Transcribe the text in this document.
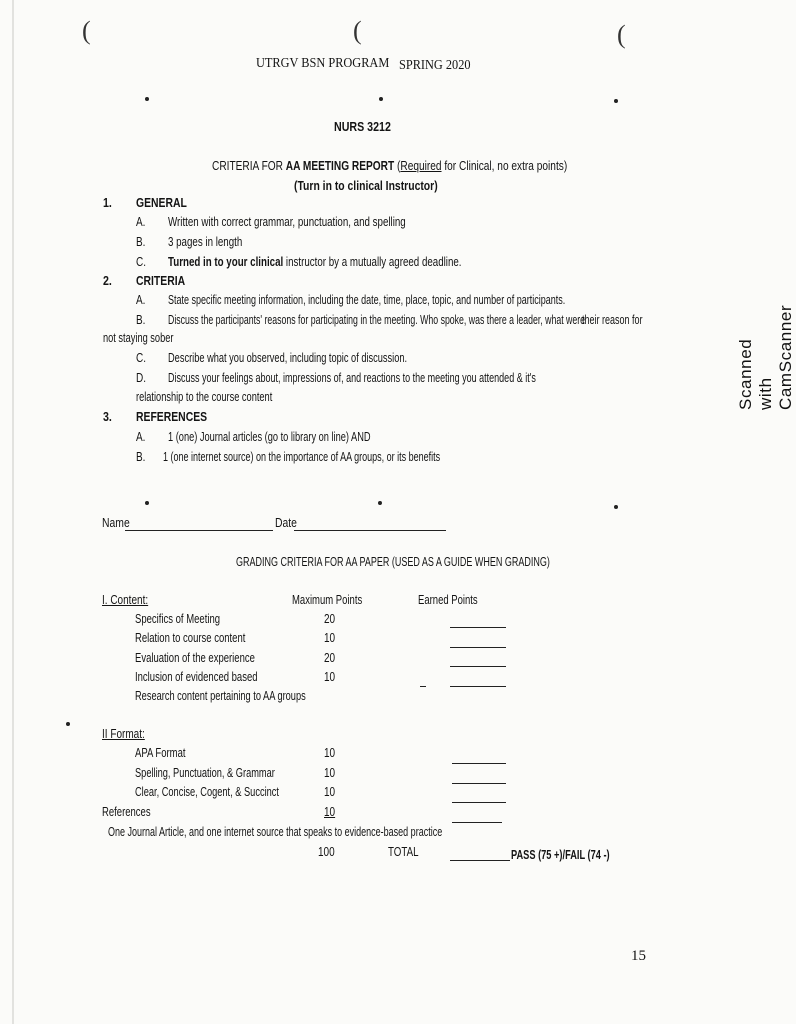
(	(	(
UTRGV BSN PROGRAM SPRING 2020
NURS 3212
CRITERIA FOR AA MEETING REPORT (Required for Clinical, no extra points)
(Turn in to clinical Instructor)
1. GENERAL
A. Written with correct grammar, punctuation, and spelling
B. 3 pages in length
C. Turned in to your clinical instructor by a mutually agreed deadline.
2. CRITERIA
A. State specific meeting information, including the date, time, place, topic, and number of participants.
B. Discuss the participants' reasons for participating in the meeting. Who spoke, was there a leader, what were
their reason for
not staying sober
C. Describe what you observed, including topic of discussion.
D. Discuss your feelings about, impressions of, and reactions to the meeting you attended & it's
relationship to the course content
3. REFERENCES
A. 1 (one) Journal articles (go to library on line) AND
B. 1 (one internet source) on the importance of AA groups, or its benefits
Name	Date
GRADING CRITERIA FOR AA PAPER (USED AS A GUIDE WHEN GRADING)
I. Content:	Maximum Points	Earned Points
Specifics of Meeting	20
Relation to course content	10
Evaluation of the experience	20
Inclusion of evidenced based	10
Research content pertaining to AA groups
II Format:
APA Format	10
Spelling, Punctuation, & Grammar	10
Clear, Concise, Cogent, & Succinct	10
References	10
One Journal Article, and one internet source that speaks to evidence-based practice
100	TOTAL	PASS (75 +)/FAIL (74 -)
15
Scanned with CamScanner
